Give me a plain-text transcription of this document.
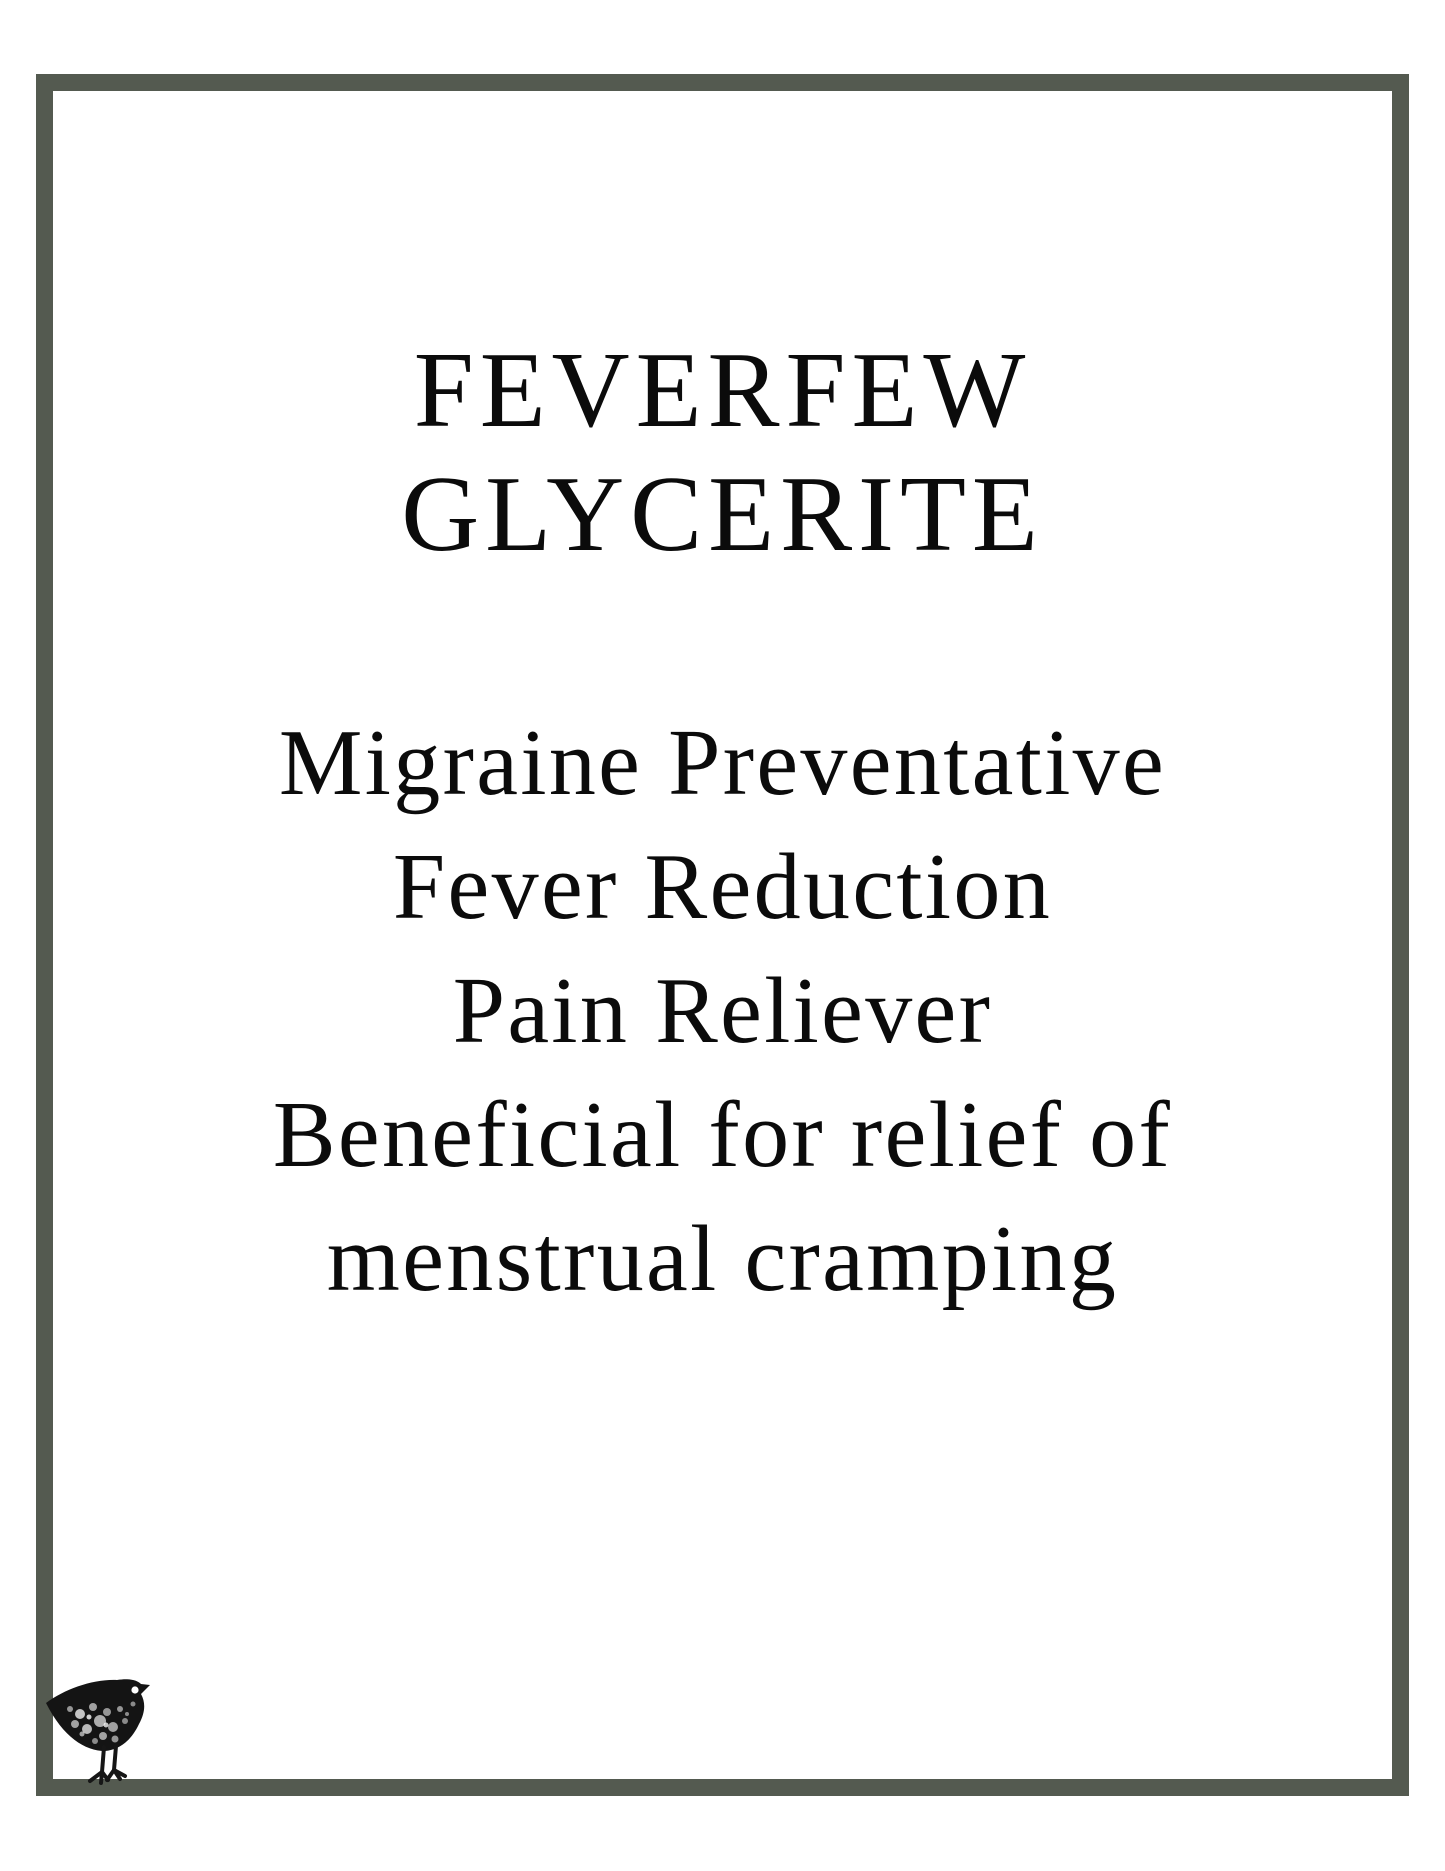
FEVERFEW
GLYCERITE
Migraine Preventative
Fever Reduction
Pain Reliever
Beneficial for relief of
menstrual cramping
